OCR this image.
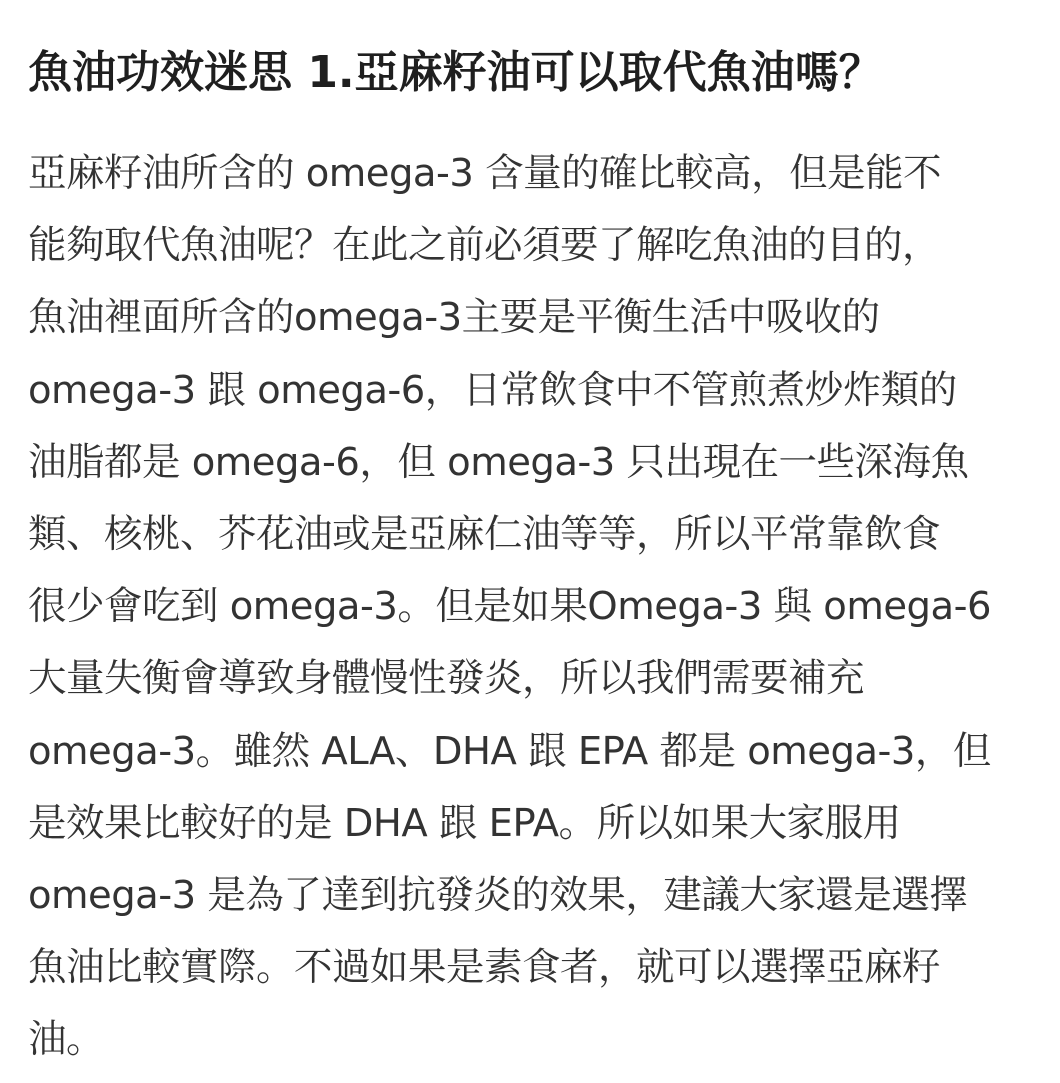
魚油功效迷思 1.亞麻籽油可以取代魚油嗎？
亞麻籽油所含的 omega-3 含量的確比較高，但是能不
能夠取代魚油呢？在此之前必須要了解吃魚油的目的，
魚油裡面所含的omega-3主要是平衡生活中吸收的
omega-3 跟 omega-6，日常飲食中不管煎煮炒炸類的
油脂都是 omega-6，但 omega-3 只出現在一些深海魚
類、核桃、芥花油或是亞麻仁油等等，所以平常靠飲食
很少會吃到 omega-3。但是如果Omega-3 與 omega-6
大量失衡會導致身體慢性發炎，所以我們需要補充
omega-3。雖然 ALA、DHA 跟 EPA 都是 omega-3，但
是效果比較好的是 DHA 跟 EPA。所以如果大家服用
omega-3 是為了達到抗發炎的效果，建議大家還是選擇
魚油比較實際。不過如果是素食者，就可以選擇亞麻籽
油。
